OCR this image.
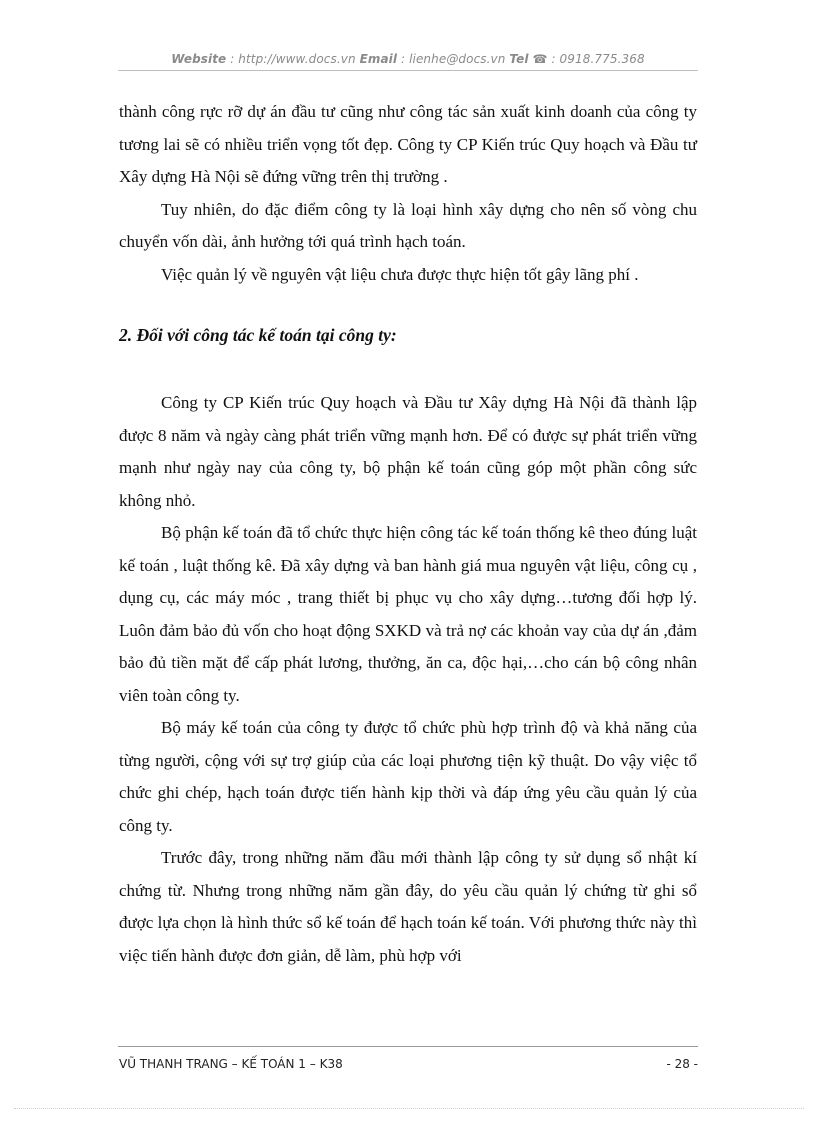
Website : http://www.docs.vn Email : lienhe@docs.vn Tel ☎ : 0918.775.368

thành công rực rỡ dự án đầu tư cũng như công tác sản xuất kinh doanh của công ty tương lai sẽ có nhiều triển vọng tốt đẹp. Công ty CP Kiến trúc Quy hoạch và Đầu tư Xây dựng Hà Nội sẽ đứng vững trên thị trường .

Tuy nhiên, do đặc điểm công ty là loại hình xây dựng cho nên số vòng chu chuyển vốn dài, ảnh hưởng tới quá trình hạch toán.

Việc quản lý về nguyên vật liệu chưa được thực hiện tốt gây lãng phí .

2. Đối với công tác kế toán tại công ty:

Công ty CP Kiến trúc Quy hoạch và Đầu tư Xây dựng Hà Nội đã thành lập được 8 năm và ngày càng phát triển vững mạnh hơn. Để có được sự phát triển vững mạnh như ngày nay của công ty, bộ phận kế toán cũng góp một phần công sức không nhỏ.

Bộ phận kế toán đã tổ chức thực hiện công tác kế toán thống kê theo đúng luật kế toán , luật thống kê. Đã xây dựng và ban hành giá mua nguyên vật liệu, công cụ , dụng cụ, các máy móc , trang thiết bị phục vụ cho xây dựng…tương đối hợp lý. Luôn đảm bảo đủ vốn cho hoạt động SXKD và trả nợ các khoản vay của dự án ,đảm bảo đủ tiền mặt để cấp phát lương, thưởng, ăn ca, độc hại,…cho cán bộ công nhân viên toàn công ty.

Bộ máy kế toán của công ty được tổ chức phù hợp trình độ và khả năng của từng người, cộng với sự trợ giúp của các loại phương tiện kỹ thuật. Do vậy việc tổ chức ghi chép, hạch toán được tiến hành kịp thời và đáp ứng yêu cầu quản lý của công ty.

Trước đây, trong những năm đầu mới thành lập công ty sử dụng sổ nhật kí chứng từ. Nhưng trong những năm gần đây, do yêu cầu quản lý chứng từ ghi sổ được lựa chọn là hình thức sổ kế toán để hạch toán kế toán. Với phương thức này thì việc tiến hành được đơn giản, dễ làm, phù hợp với

VŨ THANH TRANG – KẾ TOÁN 1 – K38	- 28 -
